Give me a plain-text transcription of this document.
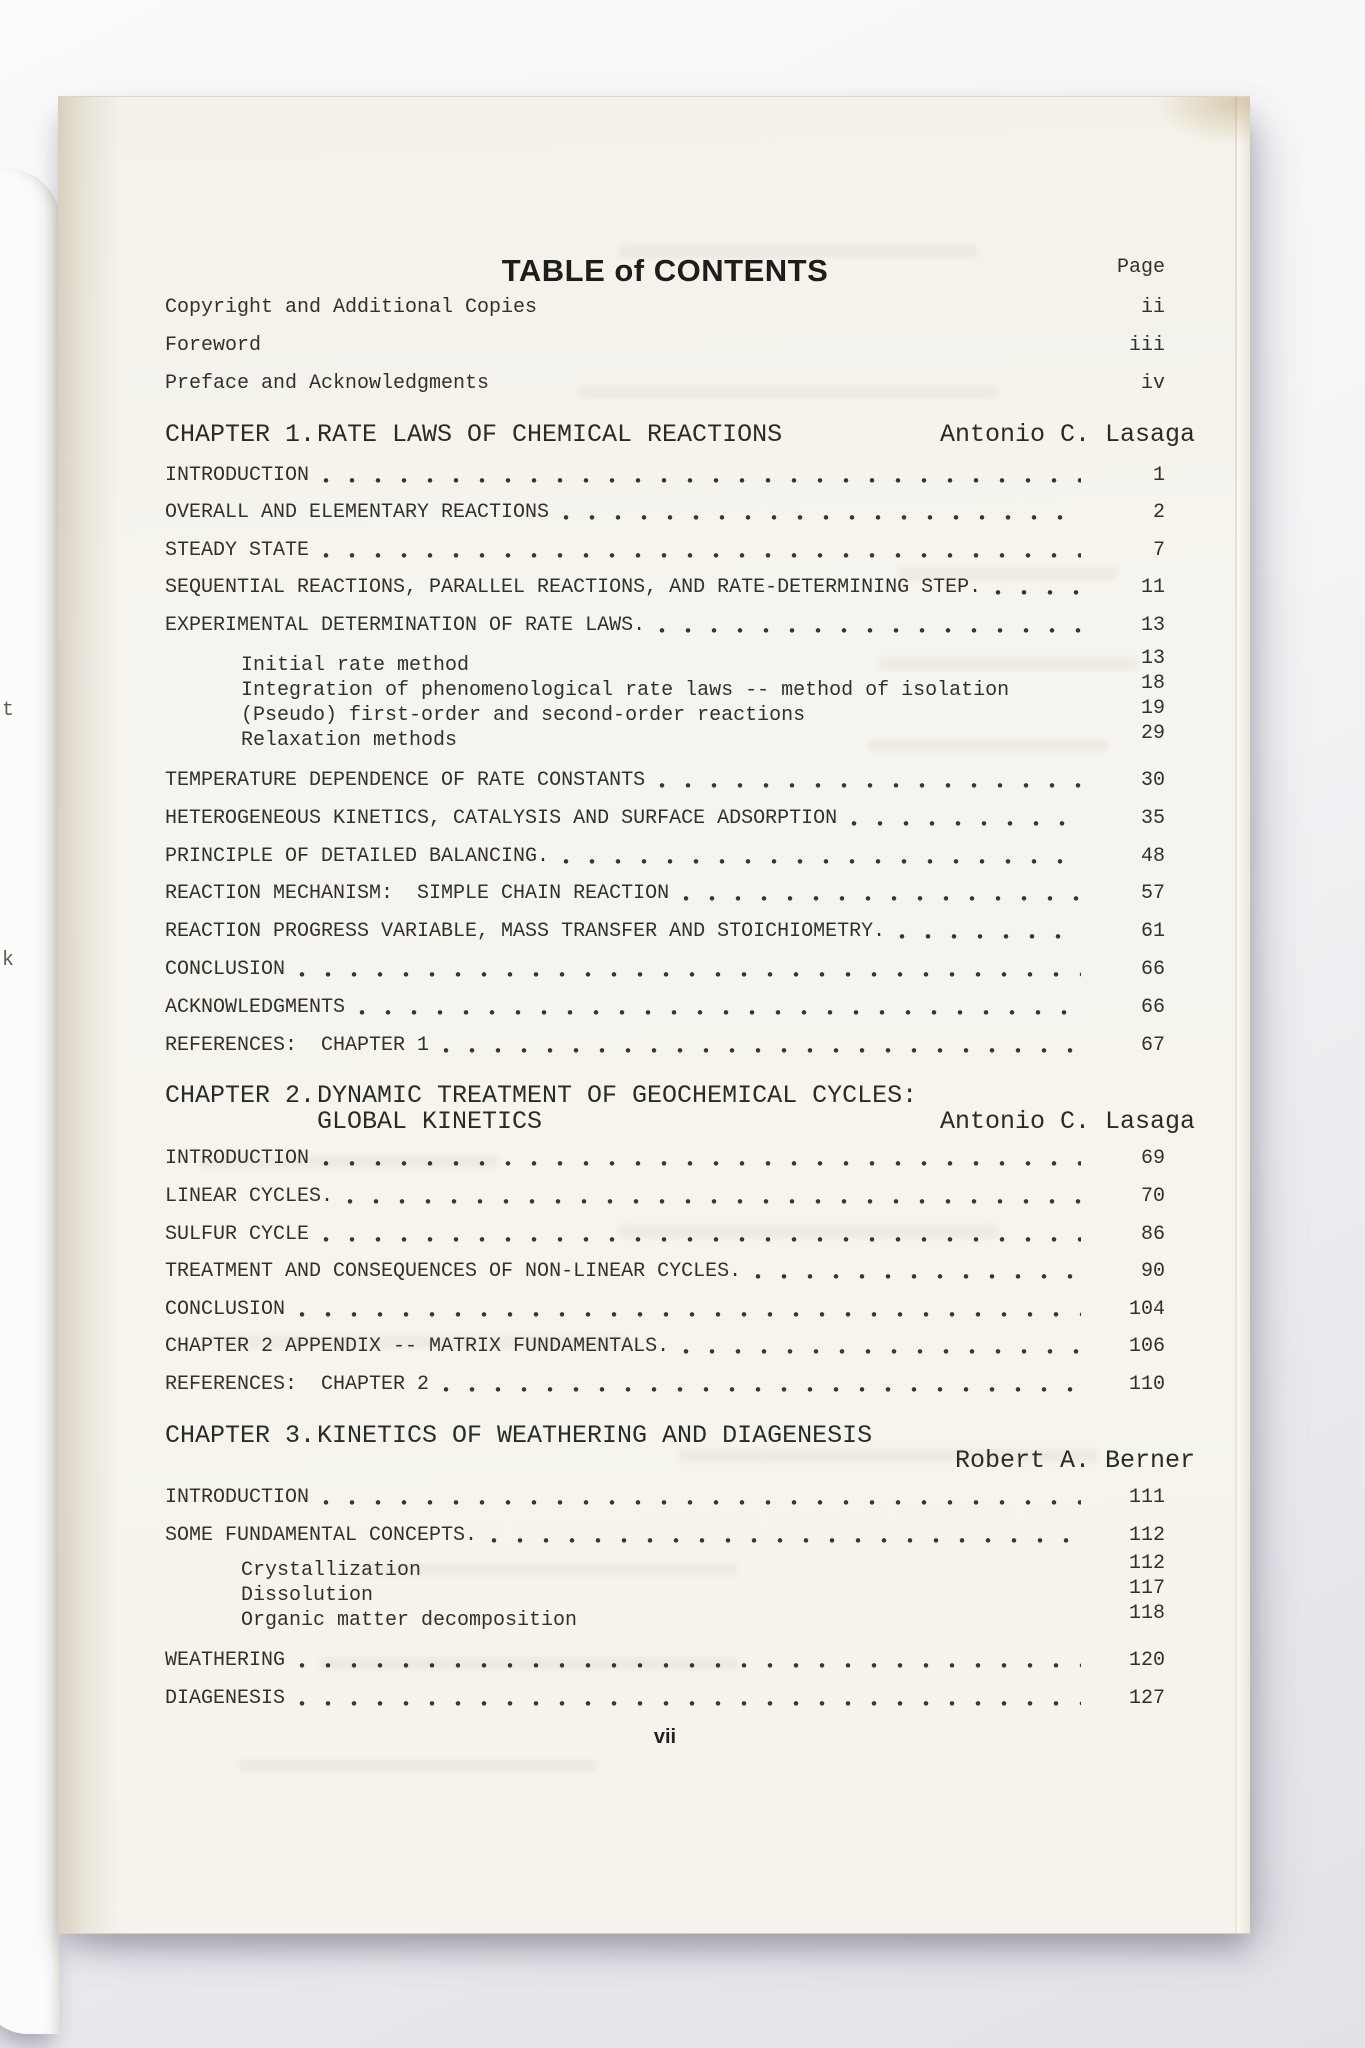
t
k
TABLE of CONTENTS	Page
Copyright and Additional Copies	ii
Foreword	iii
Preface and Acknowledgments	iv
CHAPTER 1. RATE LAWS OF CHEMICAL REACTIONS	Antonio C. Lasaga
INTRODUCTION	1
OVERALL AND ELEMENTARY REACTIONS	2
STEADY STATE	7
SEQUENTIAL REACTIONS, PARALLEL REACTIONS, AND RATE-DETERMINING STEP.	11
EXPERIMENTAL DETERMINATION OF RATE LAWS.	13
Initial rate method	13
Integration of phenomenological rate laws -- method of isolation	18
(Pseudo) first-order and second-order reactions	19
Relaxation methods	29
TEMPERATURE DEPENDENCE OF RATE CONSTANTS	30
HETEROGENEOUS KINETICS, CATALYSIS AND SURFACE ADSORPTION	35
PRINCIPLE OF DETAILED BALANCING.	48
REACTION MECHANISM:  SIMPLE CHAIN REACTION	57
REACTION PROGRESS VARIABLE, MASS TRANSFER AND STOICHIOMETRY.	61
CONCLUSION	66
ACKNOWLEDGMENTS	66
REFERENCES:  CHAPTER 1	67
CHAPTER 2. DYNAMIC TREATMENT OF GEOCHEMICAL CYCLES:
GLOBAL KINETICS	Antonio C. Lasaga
INTRODUCTION	69
LINEAR CYCLES.	70
SULFUR CYCLE	86
TREATMENT AND CONSEQUENCES OF NON-LINEAR CYCLES.	90
CONCLUSION	104
CHAPTER 2 APPENDIX -- MATRIX FUNDAMENTALS.	106
REFERENCES:  CHAPTER 2	110
CHAPTER 3. KINETICS OF WEATHERING AND DIAGENESIS
Robert A. Berner
INTRODUCTION	111
SOME FUNDAMENTAL CONCEPTS.	112
Crystallization	112
Dissolution	117
Organic matter decomposition	118
WEATHERING	120
DIAGENESIS	127
vii
